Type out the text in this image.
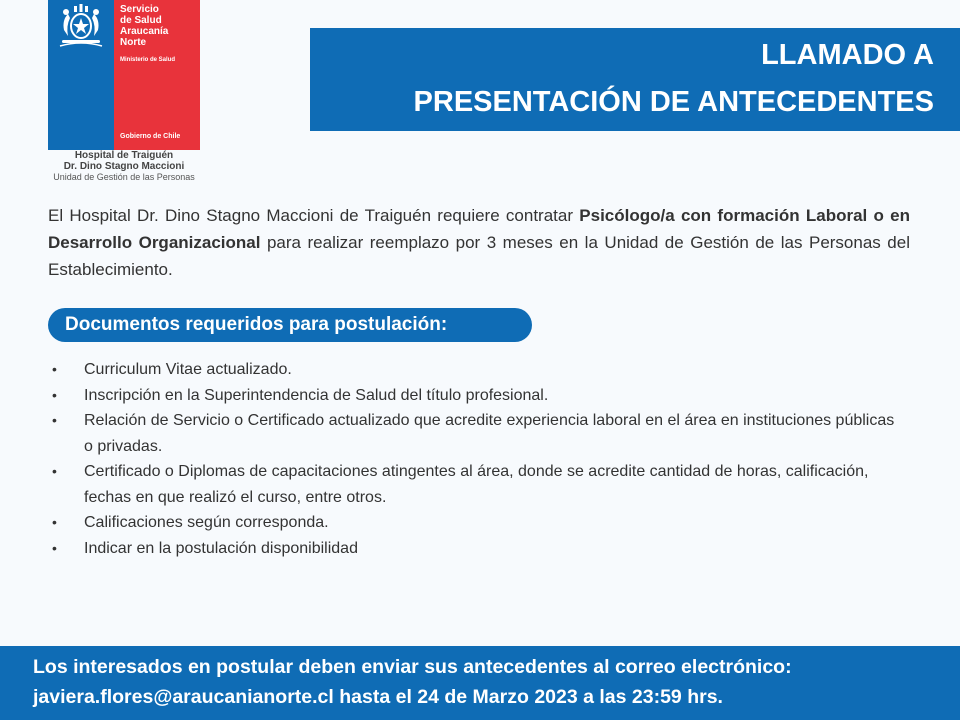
Servicio
de Salud
Araucanía
Norte
Ministerio de Salud
Gobierno de Chile
Hospital de Traiguén
Dr. Dino Stagno Maccioni
Unidad de Gestión de las Personas
LLAMADO A
PRESENTACIÓN DE ANTECEDENTES
El Hospital Dr. Dino Stagno Maccioni de Traiguén requiere contratar Psicólogo/a con formación Laboral o en Desarrollo Organizacional para realizar reemplazo por 3 meses en la Unidad de Gestión de las Personas del Establecimiento.
Documentos requeridos para postulación:
• Curriculum Vitae actualizado.
• Inscripción en la Superintendencia de Salud del título profesional.
• Relación de Servicio o Certificado actualizado que acredite experiencia laboral en el área en instituciones públicas o privadas.
• Certificado o Diplomas de capacitaciones atingentes al área, donde se acredite cantidad de horas, calificación, fechas en que realizó el curso, entre otros.
• Calificaciones según corresponda.
• Indicar en la postulación disponibilidad
Los interesados en postular deben enviar sus antecedentes al correo electrónico:
javiera.flores@araucanianorte.cl hasta el 24 de Marzo 2023 a las 23:59 hrs.
